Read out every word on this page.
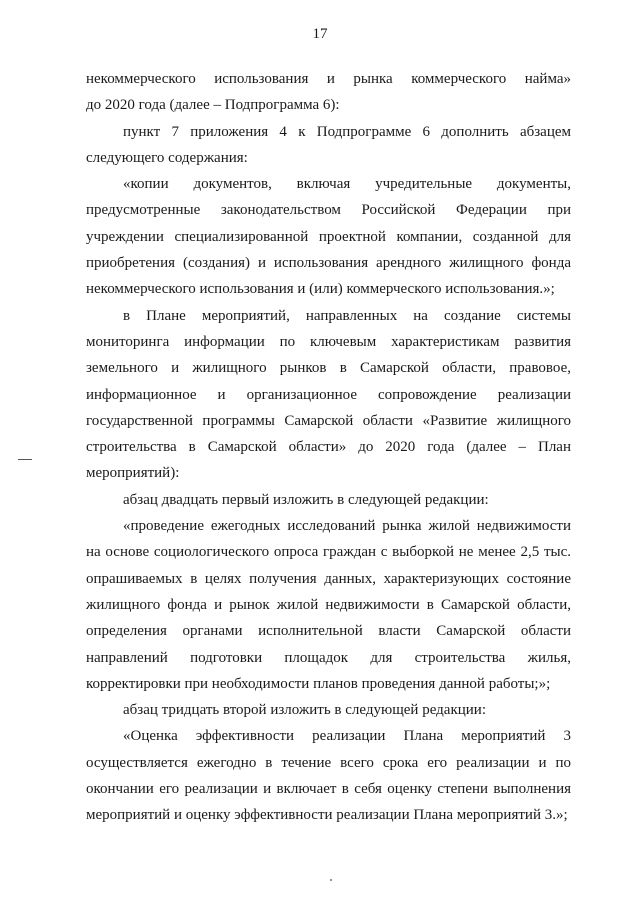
17

некоммерческого использования и рынка коммерческого найма»

до 2020 года (далее – Подпрограмма 6):

пункт 7 приложения 4 к Подпрограмме 6 дополнить абзацем следующего содержания:

«копии документов, включая учредительные документы, предусмотренные законодательством Российской Федерации при учреждении специализированной проектной компании, созданной для приобретения (создания) и использования арендного жилищного фонда некоммерческого использования и (или) коммерческого использования.»;

в Плане мероприятий, направленных на создание системы мониторинга информации по ключевым характеристикам развития земельного и жилищного рынков в Самарской области, правовое, информационное и организационное сопровождение реализации государственной программы Самарской области «Развитие жилищного строительства в Самарской области» до 2020 года (далее – План мероприятий):

абзац двадцать первый изложить в следующей редакции:

«проведение ежегодных исследований рынка жилой недвижимости на основе социологического опроса граждан с выборкой не менее 2,5 тыс. опрашиваемых в целях получения данных, характеризующих состояние жилищного фонда и рынок жилой недвижимости в Самарской области, определения органами исполнительной власти Самарской области направлений подготовки площадок для строительства жилья, корректировки при необходимости планов проведения данной работы;»;

абзац тридцать второй изложить в следующей редакции:

«Оценка эффективности реализации Плана мероприятий 3 осуществляется ежегодно в течение всего срока его реализации и по окончании его реализации и включает в себя оценку степени выполнения мероприятий и оценку эффективности реализации Плана мероприятий 3.»;
